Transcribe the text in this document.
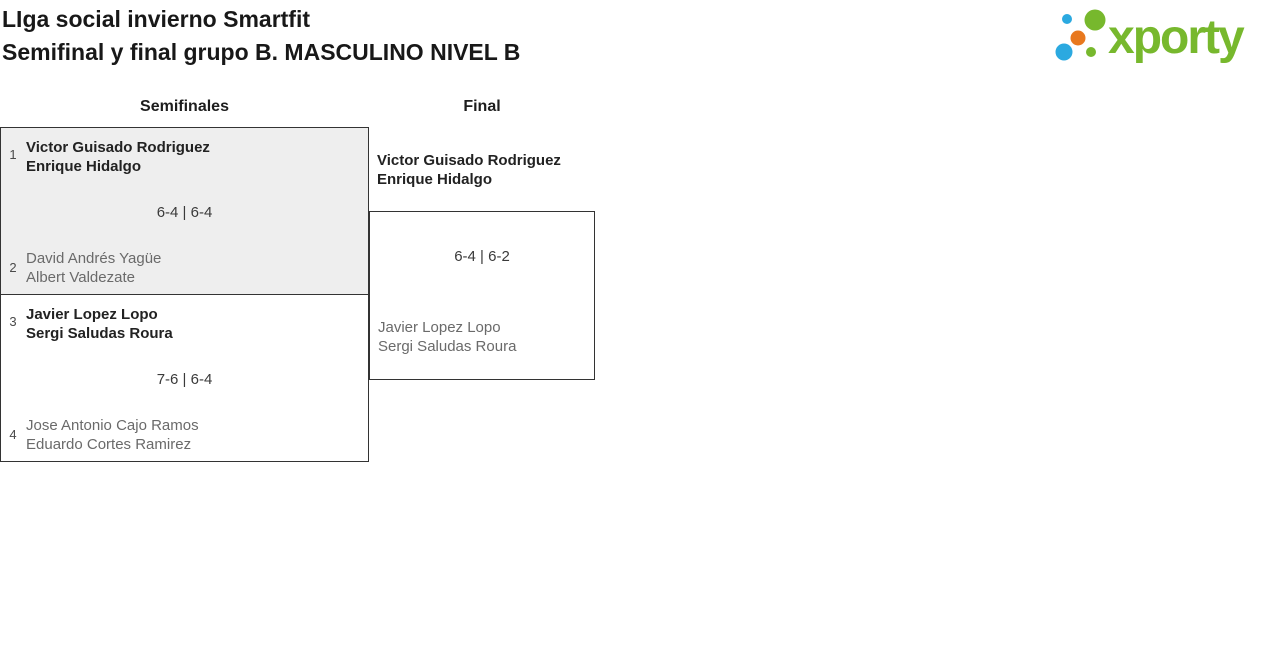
LIga social invierno Smartfit
Semifinal y final grupo B. MASCULINO NIVEL B	xporty
Semifinales	Final
1 Victor Guisado Rodriguez
Enrique Hidalgo
6-4 | 6-4
2
David Andrés Yagüe
Albert Valdezate
3 Javier Lopez Lopo
Sergi Saludas Roura
7-6 | 6-4
4
Jose Antonio Cajo Ramos
Eduardo Cortes Ramirez
Victor Guisado Rodriguez
Enrique Hidalgo
6-4 | 6-2
Javier Lopez Lopo
Sergi Saludas Roura
